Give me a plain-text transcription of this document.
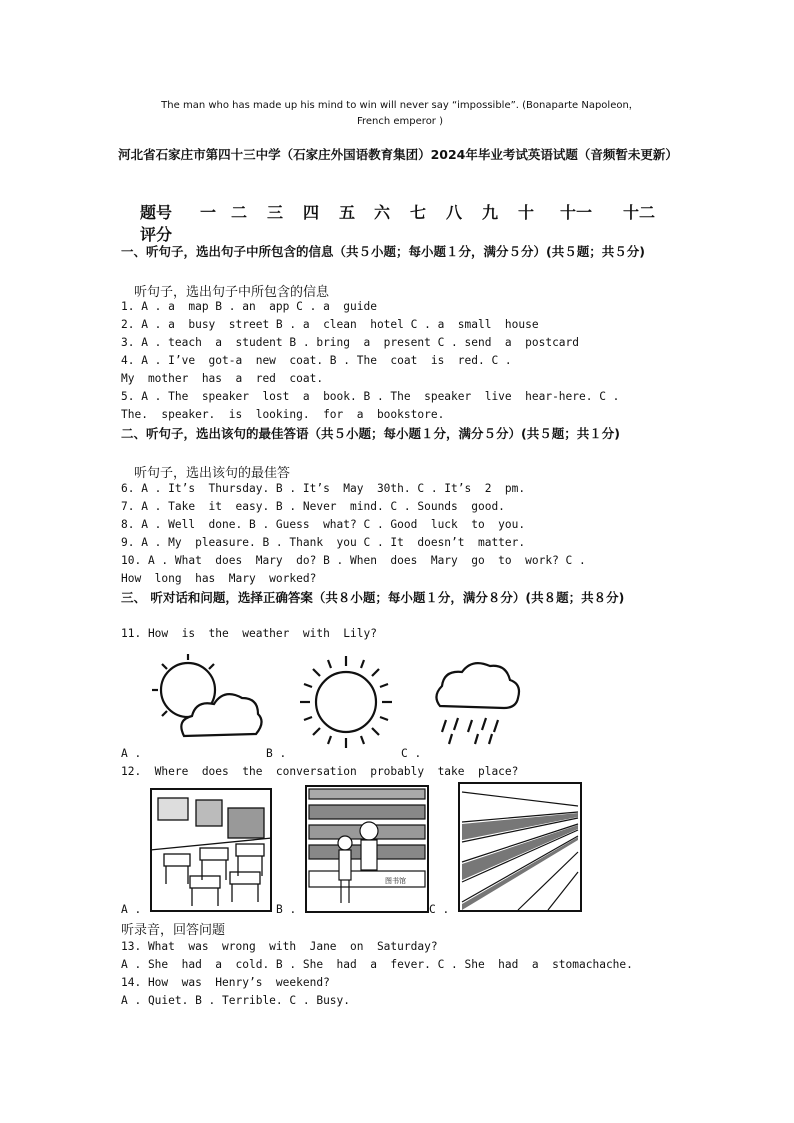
The man who has made up his mind to win will never say “impossible”. (Bonaparte Napoleon，French emperor )
河北省石家庄市第四十三中学（石家庄外国语教育集团）2024年毕业考试英语试题（音频暂未更新）
题号 一 二 三 四 五 六 七 八 九 十 十一 十二
评分
一、听句子，选出句子中所包含的信息（共５小题；每小题１分，满分５分）(共５题；共５分)
听句子，选出句子中所包含的信息
1. A . a  map B . an  app C . a  guide
2. A . a  busy  street B . a  clean  hotel C . a  small  house
3. A . teach  a  student B . bring  a  present C . send  a  postcard
4. A . I’ve  got-a  new  coat. B . The  coat  is  red. C .
My  mother  has  a  red  coat.
5. A . The  speaker  lost  a  book. B . The  speaker  live  hear-here. C .
The.  speaker.  is  looking.  for  a  bookstore.
二、听句子，选出该句的最佳答语（共５小题；每小题１分，满分５分）(共５题；共１分)
听句子，选出该句的最佳答
6. A . It’s  Thursday. B . It’s  May  30th. C . It’s  2  pm.
7. A . Take  it  easy. B . Never  mind. C . Sounds  good.
8. A . Well  done. B . Guess  what? C . Good  luck  to  you.
9. A . My  pleasure. B . Thank  you C . It  doesn’t  matter.
10. A . What  does  Mary  do? B . When  does  Mary  go  to  work? C .
How  long  has  Mary  worked?
三、 听对话和问题，选择正确答案（共８小题；每小题１分，满分８分）(共８题；共８分)
11. How  is  the  weather  with  Lily?
A .	B .	C .
12.  Where  does  the  conversation  probably  take  place?
图书馆
A .	B .	C .
听录音，回答问题
13. What  was  wrong  with  Jane  on  Saturday?
A . She  had  a  cold. B . She  had  a  fever. C . She  had  a  stomachache.
14. How  was  Henry’s  weekend?
A . Quiet. B . Terrible. C . Busy.
